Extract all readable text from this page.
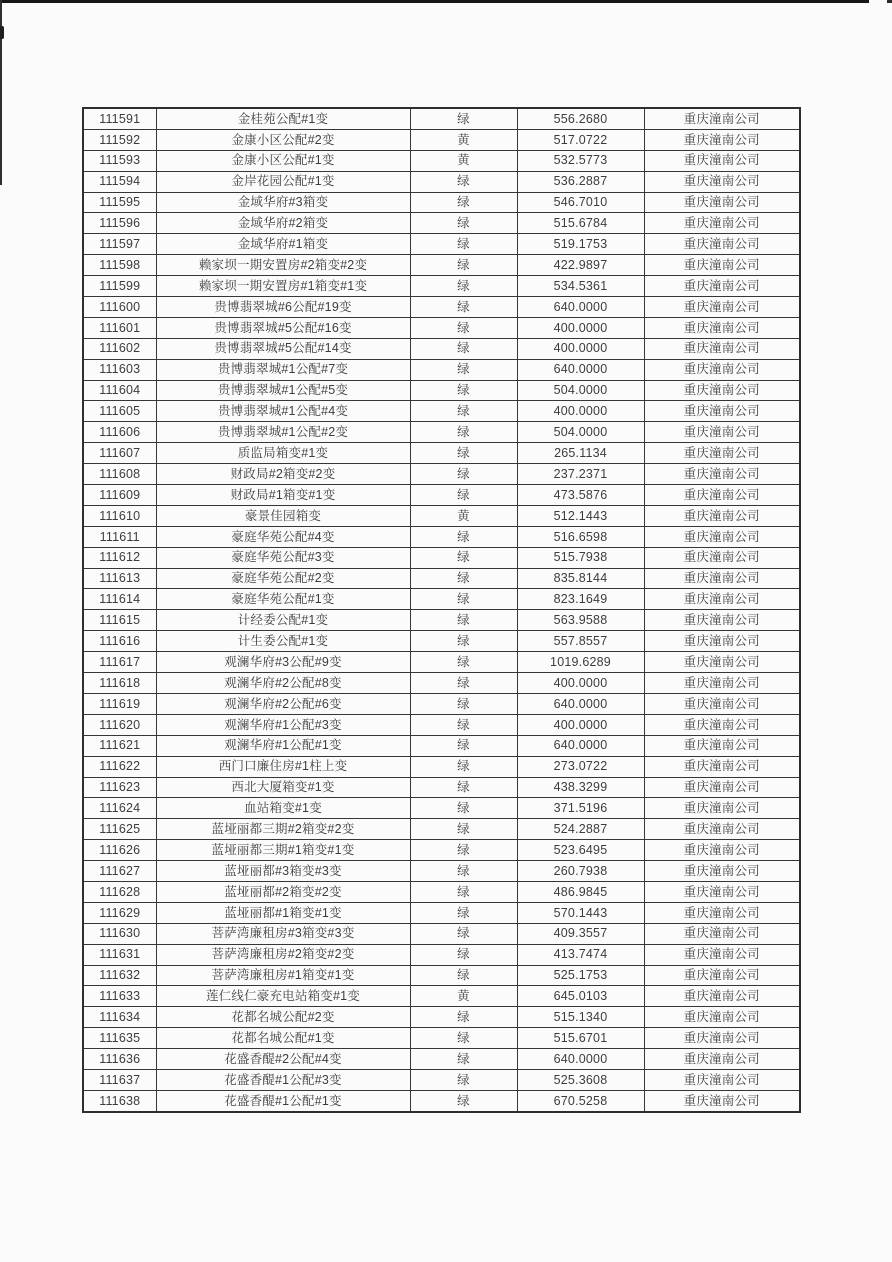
111591	金桂苑公配#1变	绿	556.2680	重庆潼南公司
111592	金康小区公配#2变	黄	517.0722	重庆潼南公司
111593	金康小区公配#1变	黄	532.5773	重庆潼南公司
111594	金岸花园公配#1变	绿	536.2887	重庆潼南公司
111595	金域华府#3箱变	绿	546.7010	重庆潼南公司
111596	金域华府#2箱变	绿	515.6784	重庆潼南公司
111597	金域华府#1箱变	绿	519.1753	重庆潼南公司
111598	赖家坝一期安置房#2箱变#2变	绿	422.9897	重庆潼南公司
111599	赖家坝一期安置房#1箱变#1变	绿	534.5361	重庆潼南公司
111600	贵博翡翠城#6公配#19变	绿	640.0000	重庆潼南公司
111601	贵博翡翠城#5公配#16变	绿	400.0000	重庆潼南公司
111602	贵博翡翠城#5公配#14变	绿	400.0000	重庆潼南公司
111603	贵博翡翠城#1公配#7变	绿	640.0000	重庆潼南公司
111604	贵博翡翠城#1公配#5变	绿	504.0000	重庆潼南公司
111605	贵博翡翠城#1公配#4变	绿	400.0000	重庆潼南公司
111606	贵博翡翠城#1公配#2变	绿	504.0000	重庆潼南公司
111607	质监局箱变#1变	绿	265.1134	重庆潼南公司
111608	财政局#2箱变#2变	绿	237.2371	重庆潼南公司
111609	财政局#1箱变#1变	绿	473.5876	重庆潼南公司
111610	豪景佳园箱变	黄	512.1443	重庆潼南公司
111611	豪庭华苑公配#4变	绿	516.6598	重庆潼南公司
111612	豪庭华苑公配#3变	绿	515.7938	重庆潼南公司
111613	豪庭华苑公配#2变	绿	835.8144	重庆潼南公司
111614	豪庭华苑公配#1变	绿	823.1649	重庆潼南公司
111615	计经委公配#1变	绿	563.9588	重庆潼南公司
111616	计生委公配#1变	绿	557.8557	重庆潼南公司
111617	观澜华府#3公配#9变	绿	1019.6289	重庆潼南公司
111618	观澜华府#2公配#8变	绿	400.0000	重庆潼南公司
111619	观澜华府#2公配#6变	绿	640.0000	重庆潼南公司
111620	观澜华府#1公配#3变	绿	400.0000	重庆潼南公司
111621	观澜华府#1公配#1变	绿	640.0000	重庆潼南公司
111622	西门口廉住房#1柱上变	绿	273.0722	重庆潼南公司
111623	西北大厦箱变#1变	绿	438.3299	重庆潼南公司
111624	血站箱变#1变	绿	371.5196	重庆潼南公司
111625	蓝垭丽都三期#2箱变#2变	绿	524.2887	重庆潼南公司
111626	蓝垭丽都三期#1箱变#1变	绿	523.6495	重庆潼南公司
111627	蓝垭丽都#3箱变#3变	绿	260.7938	重庆潼南公司
111628	蓝垭丽都#2箱变#2变	绿	486.9845	重庆潼南公司
111629	蓝垭丽都#1箱变#1变	绿	570.1443	重庆潼南公司
111630	菩萨湾廉租房#3箱变#3变	绿	409.3557	重庆潼南公司
111631	菩萨湾廉租房#2箱变#2变	绿	413.7474	重庆潼南公司
111632	菩萨湾廉租房#1箱变#1变	绿	525.1753	重庆潼南公司
111633	莲仁线仁豪充电站箱变#1变	黄	645.0103	重庆潼南公司
111634	花都名城公配#2变	绿	515.1340	重庆潼南公司
111635	花都名城公配#1变	绿	515.6701	重庆潼南公司
111636	花盛香醍#2公配#4变	绿	640.0000	重庆潼南公司
111637	花盛香醍#1公配#3变	绿	525.3608	重庆潼南公司
111638	花盛香醍#1公配#1变	绿	670.5258	重庆潼南公司
